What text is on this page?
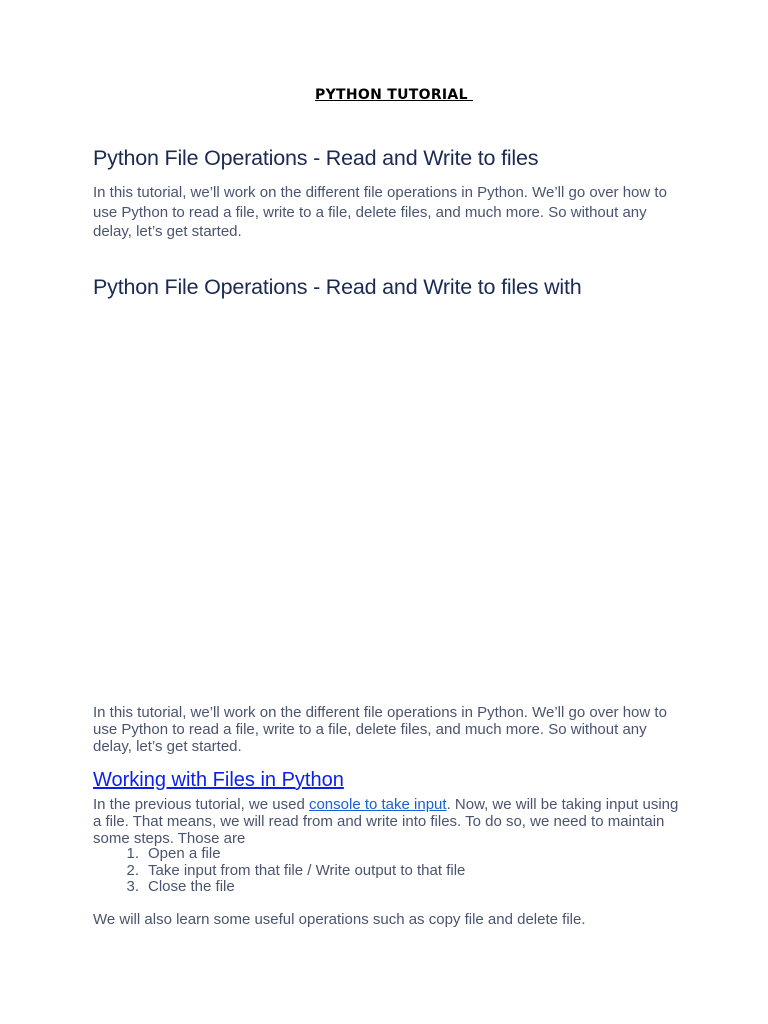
PYTHON TUTORIAL
Python File Operations - Read and Write to files
In this tutorial, we’ll work on the different file operations in Python. We’ll go over how to use Python to read a file, write to a file, delete files, and much more. So without any delay, let’s get started.
Python File Operations - Read and Write to files with
In this tutorial, we’ll work on the different file operations in Python. We’ll go over how to use Python to read a file, write to a file, delete files, and much more. So without any delay, let’s get started.
Working with Files in Python
In the previous tutorial, we used console to take input. Now, we will be taking input using a file. That means, we will read from and write into files. To do so, we need to maintain some steps. Those are
1. Open a file
2. Take input from that file / Write output to that file
3. Close the file
We will also learn some useful operations such as copy file and delete file.
